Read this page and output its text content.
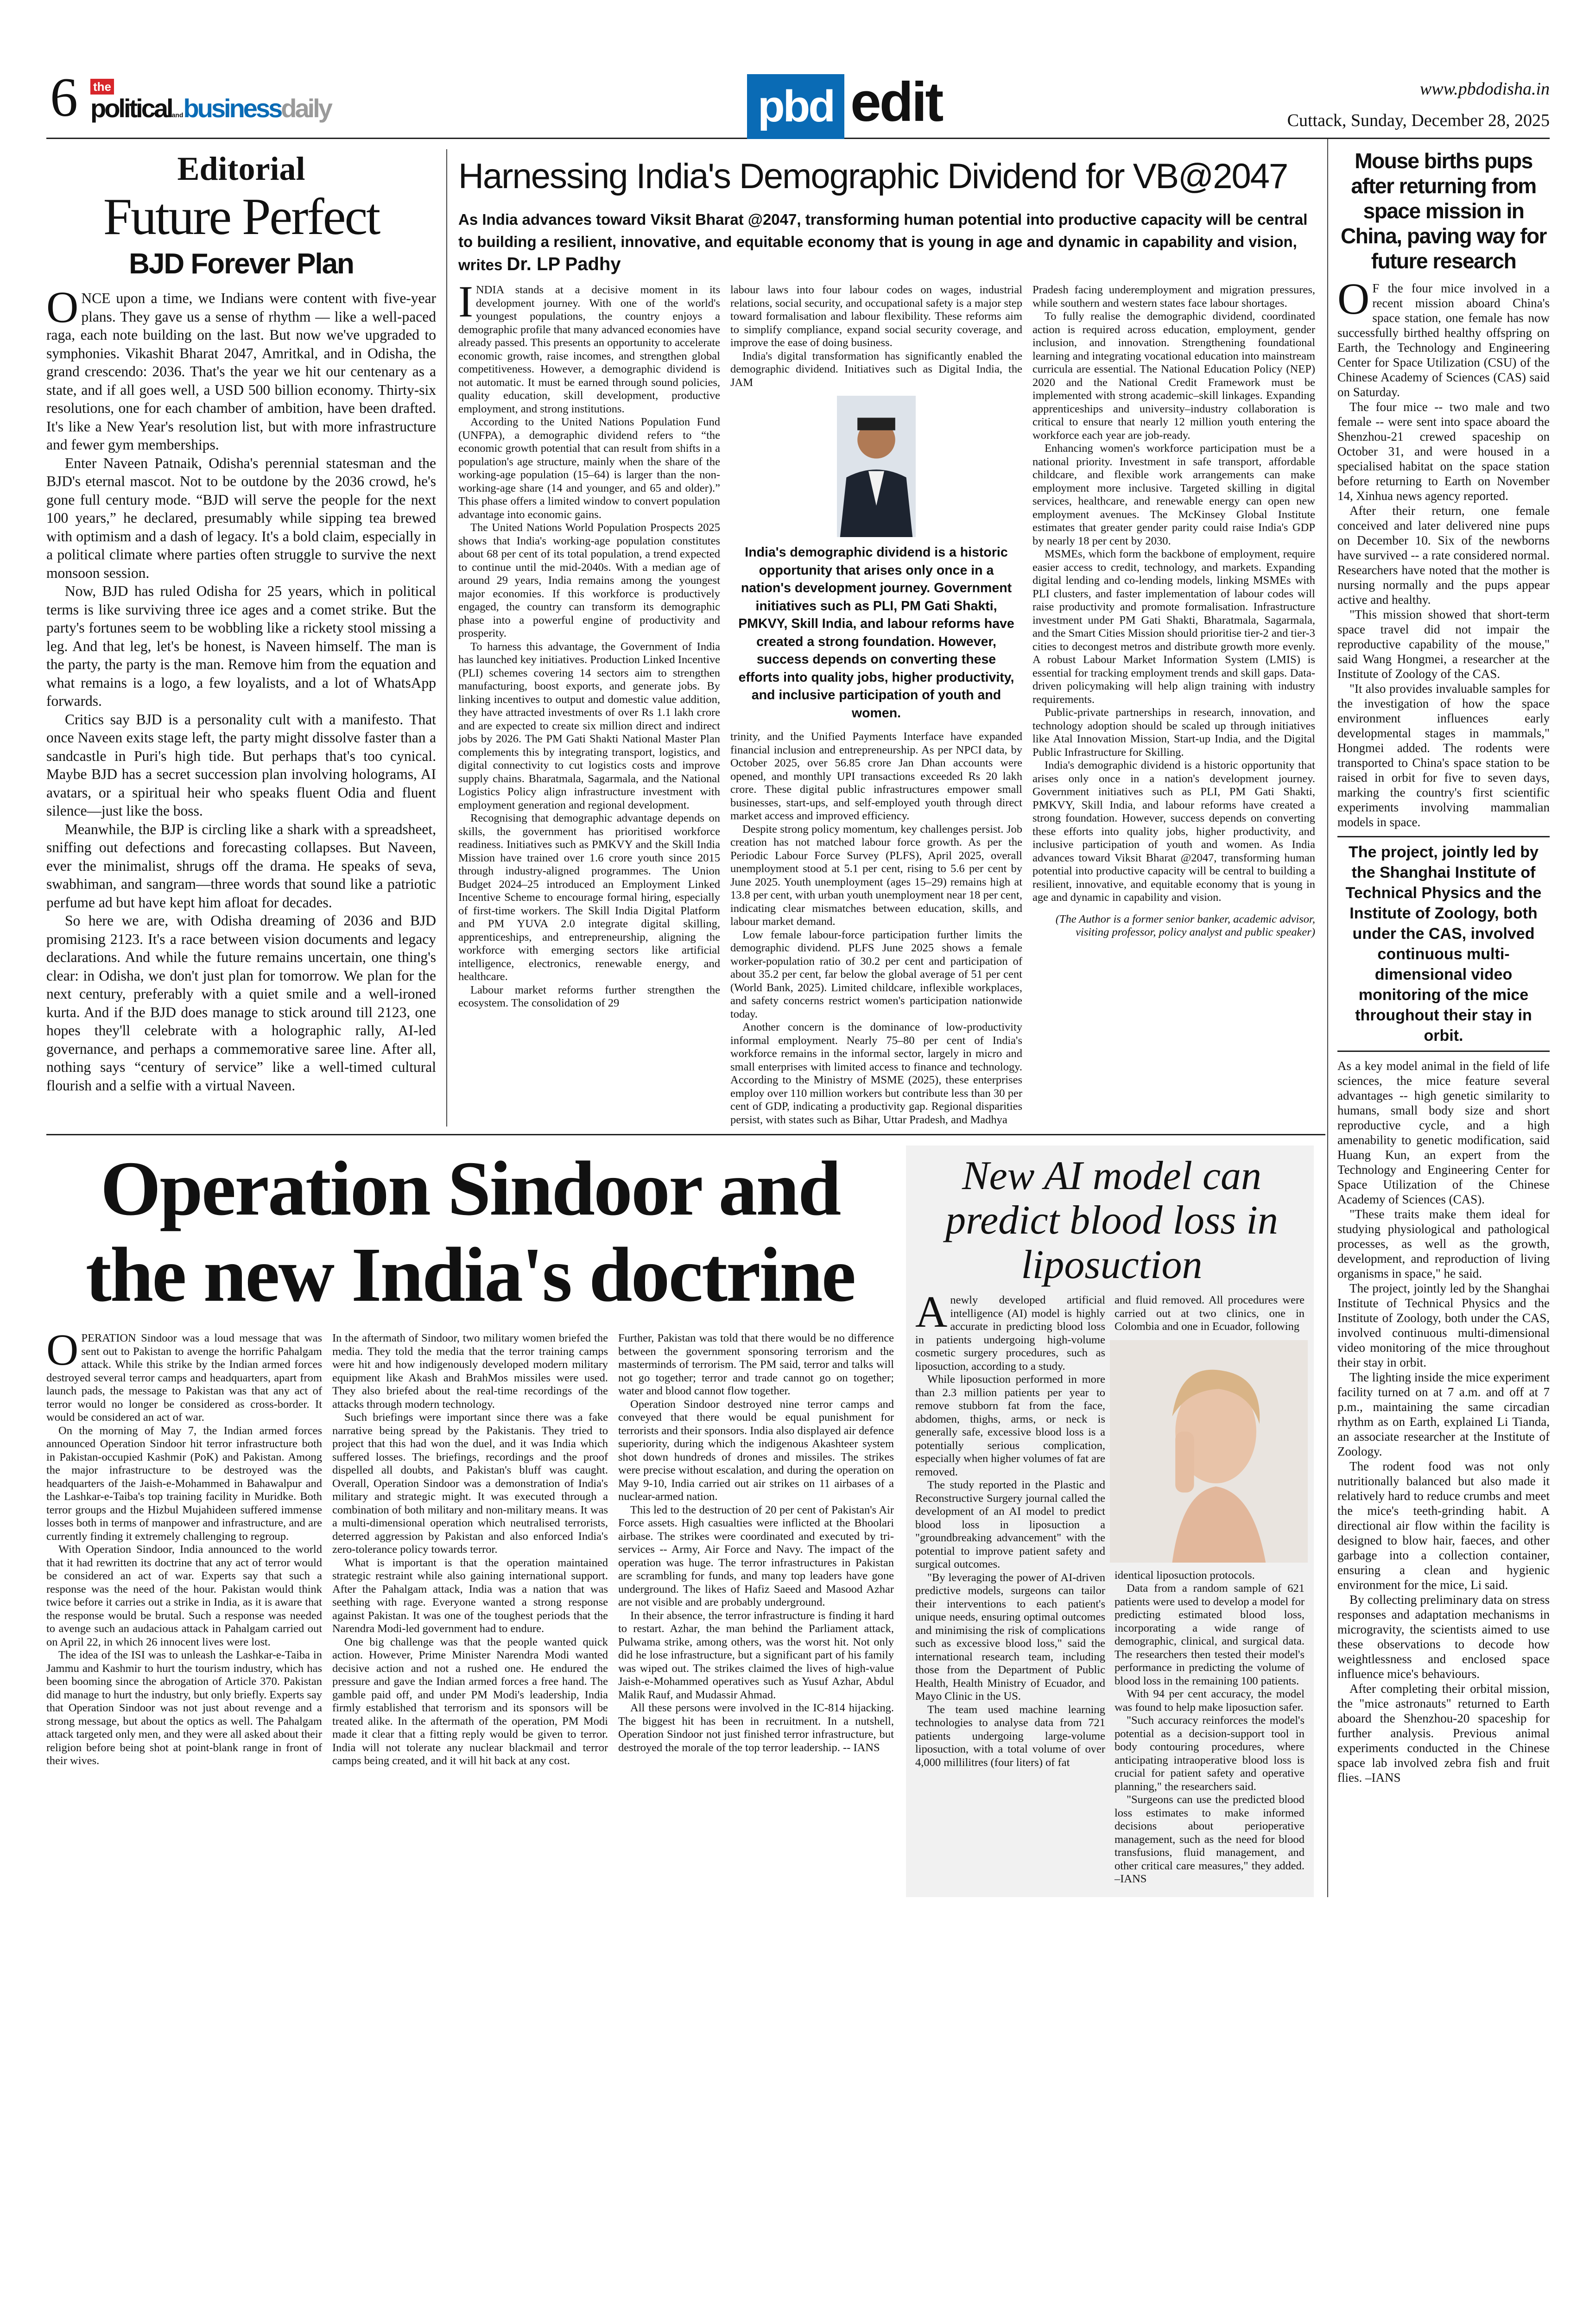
6 the
politicalandbusinessdaily	pbd edit	www.pbdodisha.in
Cuttack, Sunday, December 28, 2025
Editorial
Future Perfect
BJD Forever Plan

ONCE upon a time, we Indians were content with five-year plans. They gave us a sense of rhythm — like a well-paced raga, each note building on the last. But now we've upgraded to symphonies. Vikashit Bharat 2047, Amritkal, and in Odisha, the grand crescendo: 2036. That's the year we hit our centenary as a state, and if all goes well, a USD 500 billion economy. Thirty-six resolutions, one for each chamber of ambition, have been drafted. It's like a New Year's resolution list, but with more infrastructure and fewer gym memberships.

Enter Naveen Patnaik, Odisha's perennial statesman and the BJD's eternal mascot. Not to be outdone by the 2036 crowd, he's gone full century mode. “BJD will serve the people for the next 100 years,” he declared, presumably while sipping tea brewed with optimism and a dash of legacy. It's a bold claim, especially in a political climate where parties often struggle to survive the next monsoon session.

Now, BJD has ruled Odisha for 25 years, which in political terms is like surviving three ice ages and a comet strike. But the party's fortunes seem to be wobbling like a rickety stool missing a leg. And that leg, let's be honest, is Naveen himself. The man is the party, the party is the man. Remove him from the equation and what remains is a logo, a few loyalists, and a lot of WhatsApp forwards.

Critics say BJD is a personality cult with a manifesto. That once Naveen exits stage left, the party might dissolve faster than a sandcastle in Puri's high tide. But perhaps that's too cynical. Maybe BJD has a secret succession plan involving holograms, AI avatars, or a spiritual heir who speaks fluent Odia and fluent silence—just like the boss.

Meanwhile, the BJP is circling like a shark with a spreadsheet, sniffing out defections and forecasting collapses. But Naveen, ever the minimalist, shrugs off the drama. He speaks of seva, swabhiman, and sangram—three words that sound like a patriotic perfume ad but have kept him afloat for decades.

So here we are, with Odisha dreaming of 2036 and BJD promising 2123. It's a race between vision documents and legacy declarations. And while the future remains uncertain, one thing's clear: in Odisha, we don't just plan for tomorrow. We plan for the next century, preferably with a quiet smile and a well-ironed kurta. And if the BJD does manage to stick around till 2123, one hopes they'll celebrate with a holographic rally, AI-led governance, and perhaps a commemorative saree line. After all, nothing says “century of service” like a well-timed cultural flourish and a selfie with a virtual Naveen.

Harnessing India's Demographic Dividend for VB@2047
As India advances toward Viksit Bharat @2047, transforming human potential into productive capacity will be central to building a resilient, innovative, and equitable economy that is young in age and dynamic in capability and vision, writes Dr. LP Padhy

INDIA stands at a decisive moment in its development journey. With one of the world's youngest populations, the country enjoys a demographic profile that many advanced economies have already passed. This presents an opportunity to accelerate economic growth, raise incomes, and strengthen global competitiveness. However, a demographic dividend is not automatic. It must be earned through sound policies, quality education, skill development, productive employment, and strong institutions.

According to the United Nations Population Fund (UNFPA), a demographic dividend refers to “the economic growth potential that can result from shifts in a population's age structure, mainly when the share of the working-age population (15–64) is larger than the non-working-age share (14 and younger, and 65 and older).” This phase offers a limited window to convert population advantage into economic gains.

The United Nations World Population Prospects 2025 shows that India's working-age population constitutes about 68 per cent of its total population, a trend expected to continue until the mid-2040s. With a median age of around 29 years, India remains among the youngest major economies. If this workforce is productively engaged, the country can transform its demographic phase into a powerful engine of productivity and prosperity.

To harness this advantage, the Government of India has launched key initiatives. Production Linked Incentive (PLI) schemes covering 14 sectors aim to strengthen manufacturing, boost exports, and generate jobs. By linking incentives to output and domestic value addition, they have attracted investments of over Rs 1.1 lakh crore and are expected to create six million direct and indirect jobs by 2026. The PM Gati Shakti National Master Plan complements this by integrating transport, logistics, and digital connectivity to cut logistics costs and improve supply chains. Bharatmala, Sagarmala, and the National Logistics Policy align infrastructure investment with employment generation and regional development.

Recognising that demographic advantage depends on skills, the government has prioritised workforce readiness. Initiatives such as PMKVY and the Skill India Mission have trained over 1.6 crore youth since 2015 through industry-aligned programmes. The Union Budget 2024–25 introduced an Employment Linked Incentive Scheme to encourage formal hiring, especially of first-time workers. The Skill India Digital Platform and PM YUVA 2.0 integrate digital skilling, apprenticeships, and entrepreneurship, aligning the workforce with emerging sectors like artificial intelligence, electronics, renewable energy, and healthcare.

Labour market reforms further strengthen the ecosystem. The consolidation of 29

labour laws into four labour codes on wages, industrial relations, social security, and occupational safety is a major step toward formalisation and labour flexibility. These reforms aim to simplify compliance, expand social security coverage, and improve the ease of doing business.

India's digital transformation has significantly enabled the demographic dividend. Initiatives such as Digital India, the JAM

India's demographic dividend is a historic opportunity that arises only once in a nation's development journey. Government initiatives such as PLI, PM Gati Shakti, PMKVY, Skill India, and labour reforms have created a strong foundation. However, success depends on converting these efforts into quality jobs, higher productivity, and inclusive participation of youth and women.

trinity, and the Unified Payments Interface have expanded financial inclusion and entrepreneurship. As per NPCI data, by October 2025, over 56.85 crore Jan Dhan accounts were opened, and monthly UPI transactions exceeded Rs 20 lakh crore. These digital public infrastructures empower small businesses, start-ups, and self-employed youth through direct market access and improved efficiency.

Despite strong policy momentum, key challenges persist. Job creation has not matched labour force growth. As per the Periodic Labour Force Survey (PLFS), April 2025, overall unemployment stood at 5.1 per cent, rising to 5.6 per cent by June 2025. Youth unemployment (ages 15–29) remains high at 13.8 per cent, with urban youth unemployment near 18 per cent, indicating clear mismatches between education, skills, and labour market demand.

Low female labour-force participation further limits the demographic dividend. PLFS June 2025 shows a female worker-population ratio of 30.2 per cent and participation of about 35.2 per cent, far below the global average of 51 per cent (World Bank, 2025). Limited childcare, inflexible workplaces, and safety concerns restrict women's participation nationwide today.

Another concern is the dominance of low-productivity informal employment. Nearly 75–80 per cent of India's workforce remains in the informal sector, largely in micro and small enterprises with limited access to finance and technology. According to the Ministry of MSME (2025), these enterprises employ over 110 million workers but contribute less than 30 per cent of GDP, indicating a productivity gap. Regional disparities persist, with states such as Bihar, Uttar Pradesh, and Madhya

Pradesh facing underemployment and migration pressures, while southern and western states face labour shortages.

To fully realise the demographic dividend, coordinated action is required across education, employment, gender inclusion, and innovation. Strengthening foundational learning and integrating vocational education into mainstream curricula are essential. The National Education Policy (NEP) 2020 and the National Credit Framework must be implemented with strong academic–skill linkages. Expanding apprenticeships and university–industry collaboration is critical to ensure that nearly 12 million youth entering the workforce each year are job-ready.

Enhancing women's workforce participation must be a national priority. Investment in safe transport, affordable childcare, and flexible work arrangements can make employment more inclusive. Targeted skilling in digital services, healthcare, and renewable energy can open new employment avenues. The McKinsey Global Institute estimates that greater gender parity could raise India's GDP by nearly 18 per cent by 2030.

MSMEs, which form the backbone of employment, require easier access to credit, technology, and markets. Expanding digital lending and co-lending models, linking MSMEs with PLI clusters, and faster implementation of labour codes will raise productivity and promote formalisation. Infrastructure investment under PM Gati Shakti, Bharatmala, Sagarmala, and the Smart Cities Mission should prioritise tier-2 and tier-3 cities to decongest metros and distribute growth more evenly. A robust Labour Market Information System (LMIS) is essential for tracking employment trends and skill gaps. Data-driven policymaking will help align training with industry requirements.

Public-private partnerships in research, innovation, and technology adoption should be scaled up through initiatives like Atal Innovation Mission, Start-up India, and the Digital Public Infrastructure for Skilling.

India's demographic dividend is a historic opportunity that arises only once in a nation's development journey. Government initiatives such as PLI, PM Gati Shakti, PMKVY, Skill India, and labour reforms have created a strong foundation. However, success depends on converting these efforts into quality jobs, higher productivity, and inclusive participation of youth and women. As India advances toward Viksit Bharat @2047, transforming human potential into productive capacity will be central to building a resilient, innovative, and equitable economy that is young in age and dynamic in capability and vision.

(The Author is a former senior banker, academic advisor, visiting professor, policy analyst and public speaker)
Operation Sindoor and the new India's doctrine

OPERATION Sindoor was a loud message that was sent out to Pakistan to avenge the horrific Pahalgam attack. While this strike by the Indian armed forces destroyed several terror camps and headquarters, apart from launch pads, the message to Pakistan was that any act of terror would no longer be considered as cross-border. It would be considered an act of war.

On the morning of May 7, the Indian armed forces announced Operation Sindoor hit terror infrastructure both in Pakistan-occupied Kashmir (PoK) and Pakistan. Among the major infrastructure to be destroyed was the headquarters of the Jaish-e-Mohammed in Bahawalpur and the Lashkar-e-Taiba's top training facility in Muridke. Both terror groups and the Hizbul Mujahideen suffered immense losses both in terms of manpower and infrastructure, and are currently finding it extremely challenging to regroup.

With Operation Sindoor, India announced to the world that it had rewritten its doctrine that any act of terror would be considered an act of war. Experts say that such a response was the need of the hour. Pakistan would think twice before it carries out a strike in India, as it is aware that the response would be brutal. Such a response was needed to avenge such an audacious attack in Pahalgam carried out on April 22, in which 26 innocent lives were lost.

The idea of the ISI was to unleash the Lashkar-e-Taiba in Jammu and Kashmir to hurt the tourism industry, which has been booming since the abrogation of Article 370. Pakistan did manage to hurt the industry, but only briefly. Experts say that Operation Sindoor was not just about revenge and a strong message, but about the optics as well. The Pahalgam attack targeted only men, and they were all asked about their religion before being shot at point-blank range in front of their wives.

In the aftermath of Sindoor, two military women briefed the media. They told the media that the terror training camps were hit and how indigenously developed modern military equipment like Akash and BrahMos missiles were used. They also briefed about the real-time recordings of the attacks through modern technology.

Such briefings were important since there was a fake narrative being spread by the Pakistanis. They tried to project that this had won the duel, and it was India which suffered losses. The briefings, recordings and the proof dispelled all doubts, and Pakistan's bluff was caught. Overall, Operation Sindoor was a demonstration of India's military and strategic might. It was executed through a combination of both military and non-military means. It was a multi-dimensional operation which neutralised terrorists, deterred aggression by Pakistan and also enforced India's zero-tolerance policy towards terror.

What is important is that the operation maintained strategic restraint while also gaining international support. After the Pahalgam attack, India was a nation that was seething with rage. Everyone wanted a strong response against Pakistan. It was one of the toughest periods that the Narendra Modi-led government had to endure.

One big challenge was that the people wanted quick action. However, Prime Minister Narendra Modi wanted decisive action and not a rushed one. He endured the pressure and gave the Indian armed forces a free hand. The gamble paid off, and under PM Modi's leadership, India firmly established that terrorism and its sponsors will be treated alike. In the aftermath of the operation, PM Modi made it clear that a fitting reply would be given to terror. India will not tolerate any nuclear blackmail and terror camps being created, and it will hit back at any cost.

Further, Pakistan was told that there would be no difference between the government sponsoring terrorism and the masterminds of terrorism. The PM said, terror and talks will not go together; terror and trade cannot go on together; water and blood cannot flow together.

Operation Sindoor destroyed nine terror camps and conveyed that there would be equal punishment for terrorists and their sponsors. India also displayed air defence superiority, during which the indigenous Akashteer system shot down hundreds of drones and missiles. The strikes were precise without escalation, and during the operation on May 9-10, India carried out air strikes on 11 airbases of a nuclear-armed nation.

This led to the destruction of 20 per cent of Pakistan's Air Force assets. High casualties were inflicted at the Bhoolari airbase. The strikes were coordinated and executed by tri-services -- Army, Air Force and Navy. The impact of the operation was huge. The terror infrastructures in Pakistan are scrambling for funds, and many top leaders have gone underground. The likes of Hafiz Saeed and Masood Azhar are not visible and are probably underground.

In their absence, the terror infrastructure is finding it hard to restart. Azhar, the man behind the Parliament attack, Pulwama strike, among others, was the worst hit. Not only did he lose infrastructure, but a significant part of his family was wiped out. The strikes claimed the lives of high-value Jaish-e-Mohammed operatives such as Yusuf Azhar, Abdul Malik Rauf, and Mudassir Ahmad.

All these persons were involved in the IC-814 hijacking. The biggest hit has been in recruitment. In a nutshell, Operation Sindoor not just finished terror infrastructure, but destroyed the morale of the top terror leadership. -- IANS

New AI model can predict blood loss in liposuction

Anewly developed artificial intelligence (AI) model is highly accurate in predicting blood loss in patients undergoing high-volume cosmetic surgery procedures, such as liposuction, according to a study.

While liposuction performed in more than 2.3 million patients per year to remove stubborn fat from the face, abdomen, thighs, arms, or neck is generally safe, excessive blood loss is a potentially serious complication, especially when higher volumes of fat are removed.

The study reported in the Plastic and Reconstructive Surgery journal called the development of an AI model to predict blood loss in liposuction a "groundbreaking advancement" with the potential to improve patient safety and surgical outcomes.

"By leveraging the power of AI-driven predictive models, surgeons can tailor their interventions to each patient's unique needs, ensuring optimal outcomes and minimising the risk of complications such as excessive blood loss," said the international research team, including those from the Department of Public Health, Health Ministry of Ecuador, and Mayo Clinic in the US.

The team used machine learning technologies to analyse data from 721 patients undergoing large-volume liposuction, with a total volume of over 4,000 millilitres (four liters) of fat

and fluid removed. All procedures were carried out at two clinics, one in Colombia and one in Ecuador, following

identical liposuction protocols.

Data from a random sample of 621 patients were used to develop a model for predicting estimated blood loss, incorporating a wide range of demographic, clinical, and surgical data. The researchers then tested their model's performance in predicting the volume of blood loss in the remaining 100 patients.

With 94 per cent accuracy, the model was found to help make liposuction safer.

"Such accuracy reinforces the model's potential as a decision-support tool in body contouring procedures, where anticipating intraoperative blood loss is crucial for patient safety and operative planning," the researchers said.

"Surgeons can use the predicted blood loss estimates to make informed decisions about perioperative management, such as the need for blood transfusions, fluid management, and other critical care measures," they added. –IANS

Mouse births pups after returning from space mission in China, paving way for future research

OF the four mice involved in a recent mission aboard China's space station, one female has now successfully birthed healthy offspring on Earth, the Technology and Engineering Center for Space Utilization (CSU) of the Chinese Academy of Sciences (CAS) said on Saturday.

The four mice -- two male and two female -- were sent into space aboard the Shenzhou-21 crewed spaceship on October 31, and were housed in a specialised habitat on the space station before returning to Earth on November 14, Xinhua news agency reported.

After their return, one female conceived and later delivered nine pups on December 10. Six of the newborns have survived -- a rate considered normal. Researchers have noted that the mother is nursing normally and the pups appear active and healthy.

"This mission showed that short-term space travel did not impair the reproductive capability of the mouse," said Wang Hongmei, a researcher at the Institute of Zoology of the CAS.

"It also provides invaluable samples for the investigation of how the space environment influences early developmental stages in mammals," Hongmei added. The rodents were transported to China's space station to be raised in orbit for five to seven days, marking the country's first scientific experiments involving mammalian models in space.

The project, jointly led by the Shanghai Institute of Technical Physics and the Institute of Zoology, both under the CAS, involved continuous multi-dimensional video monitoring of the mice throughout their stay in orbit.

As a key model animal in the field of life sciences, the mice feature several advantages -- high genetic similarity to humans, small body size and short reproductive cycle, and a high amenability to genetic modification, said Huang Kun, an expert from the Technology and Engineering Center for Space Utilization of the Chinese Academy of Sciences (CAS).

"These traits make them ideal for studying physiological and pathological processes, as well as the growth, development, and reproduction of living organisms in space," he said.

The project, jointly led by the Shanghai Institute of Technical Physics and the Institute of Zoology, both under the CAS, involved continuous multi-dimensional video monitoring of the mice throughout their stay in orbit.

The lighting inside the mice experiment facility turned on at 7 a.m. and off at 7 p.m., maintaining the same circadian rhythm as on Earth, explained Li Tianda, an associate researcher at the Institute of Zoology.

The rodent food was not only nutritionally balanced but also made it relatively hard to reduce crumbs and meet the mice's teeth-grinding habit. A directional air flow within the facility is designed to blow hair, faeces, and other garbage into a collection container, ensuring a clean and hygienic environment for the mice, Li said.

By collecting preliminary data on stress responses and adaptation mechanisms in microgravity, the scientists aimed to use these observations to decode how weightlessness and enclosed space influence mice's behaviours.

After completing their orbital mission, the "mice astronauts" returned to Earth aboard the Shenzhou-20 spaceship for further analysis. Previous animal experiments conducted in the Chinese space lab involved zebra fish and fruit flies. –IANS
